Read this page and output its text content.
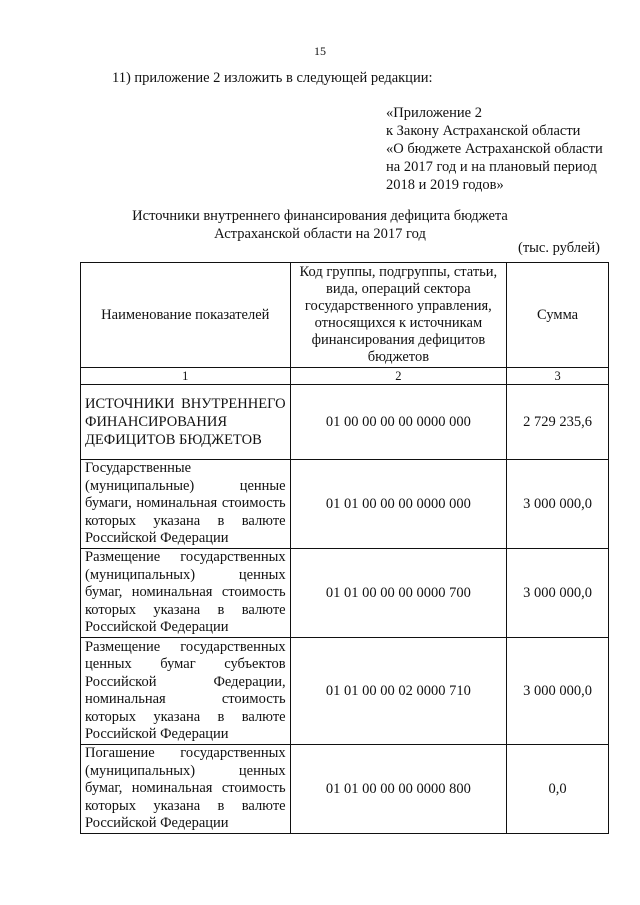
15
11) приложение 2 изложить в следующей редакции:
«Приложение 2
к Закону Астраханской области
«О бюджете Астраханской области
на 2017 год и на плановый период
2018 и 2019 годов»
Источники внутреннего финансирования дефицита бюджета
Астраханской области на 2017 год
(тыс. рублей)
Наименование показателей	Код группы, подгруппы, статьи, вида, операций сектора государственного управления, относящихся к источникам финансирования дефицитов бюджетов	Сумма
1	2	3
ИСТОЧНИКИ ВНУТРЕННЕГО ФИНАНСИРОВАНИЯ ДЕФИЦИТОВ БЮДЖЕТОВ	01 00 00 00 00 0000 000	2 729 235,6
Государственные (муниципальные) ценные бумаги, номинальная стоимость которых указана в валюте Российской Федерации	01 01 00 00 00 0000 000	3 000 000,0
Размещение государственных (муниципальных) ценных бумаг, номинальная стоимость которых указана в валюте Российской Федерации	01 01 00 00 00 0000 700	3 000 000,0
Размещение государственных ценных бумаг субъектов Российской Федерации, номинальная стоимость которых указана в валюте Российской Федерации	01 01 00 00 02 0000 710	3 000 000,0
Погашение государственных (муниципальных) ценных бумаг, номинальная стоимость которых указана в валюте Российской Федерации	01 01 00 00 00 0000 800	0,0
